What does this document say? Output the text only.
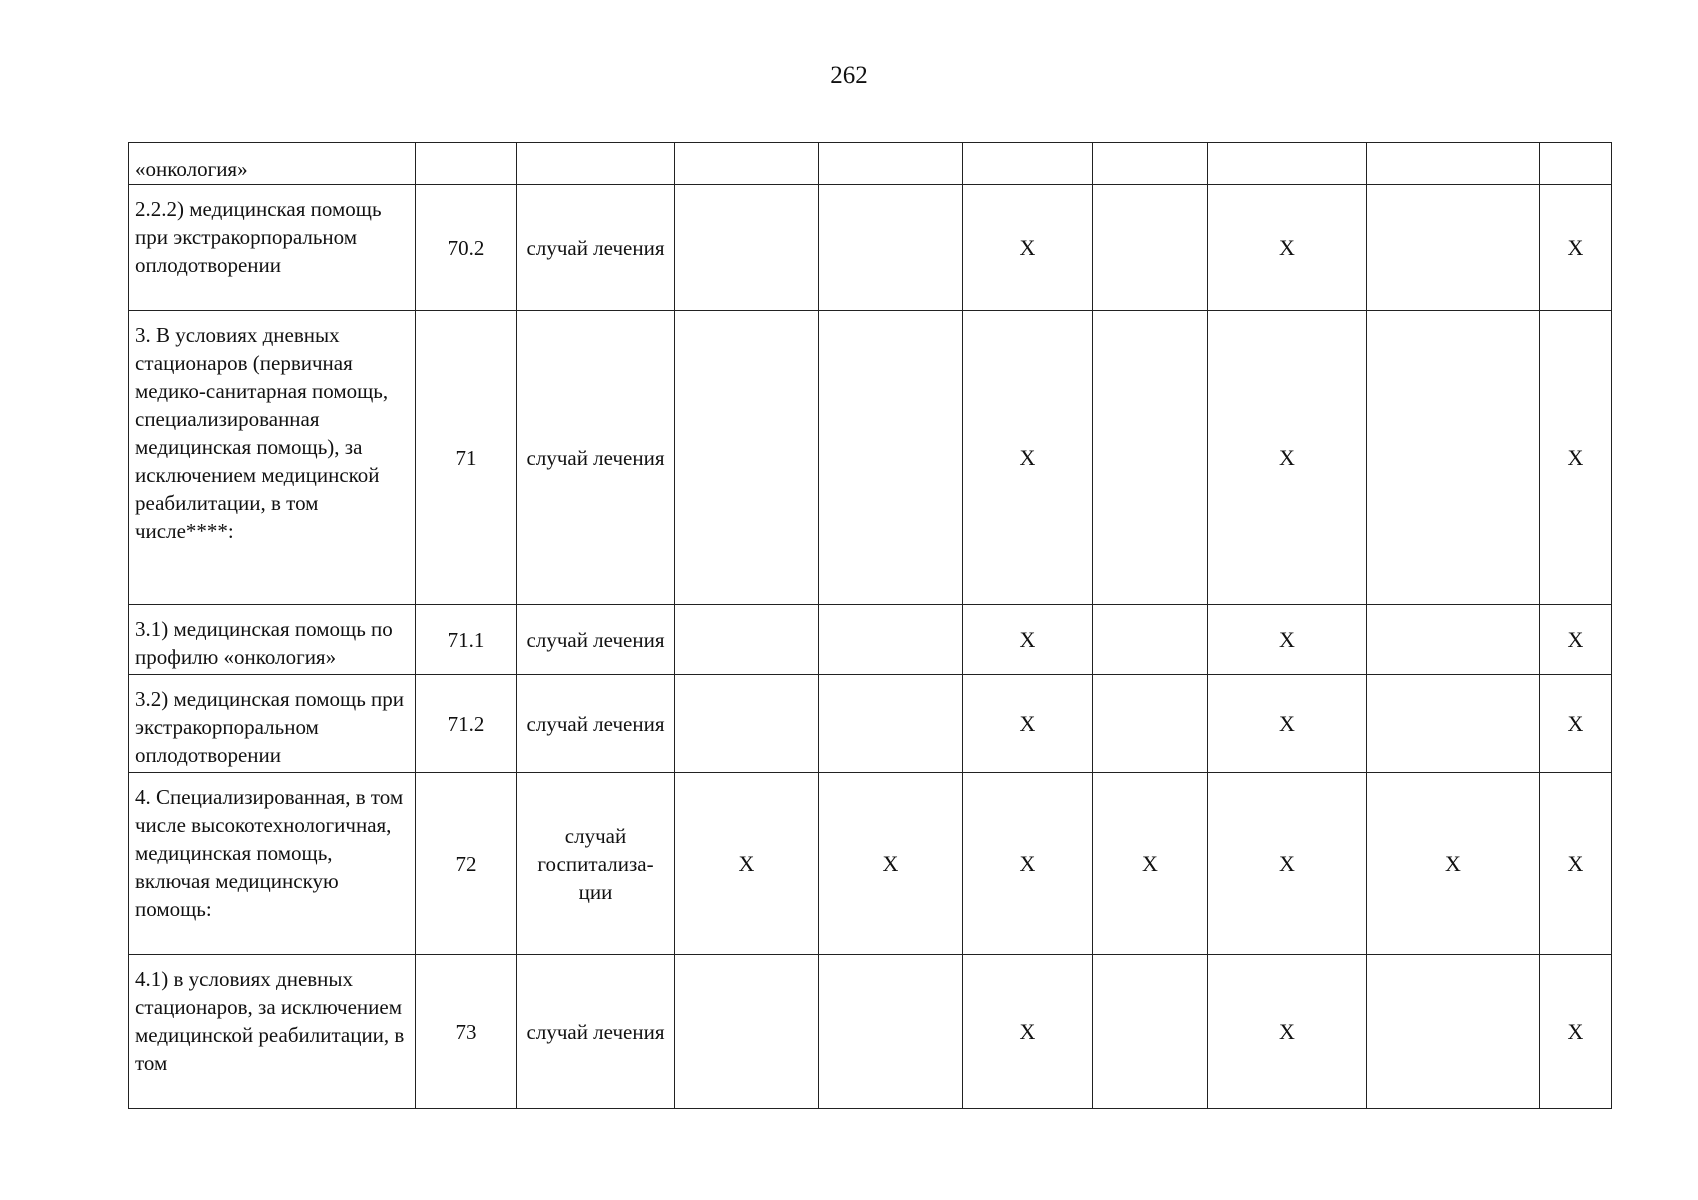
262
«онкология»									
2.2.2) медицинская помощь при экстракорпоральном оплодотворении	70.2	случай лечения			X		X		X
3. В условиях дневных стационаров (первичная медико-санитарная помощь, специализированная медицинская помощь), за исключением медицинской реабилитации, в том числе****:	71	случай лечения			X		X		X
3.1) медицинская помощь по профилю «онкология»	71.1	случай лечения			X		X		X
3.2) медицинская помощь при экстракорпоральном оплодотворении	71.2	случай лечения			X		X		X
4. Специализированная, в том числе высокотехнологичная, медицинская помощь, включая медицинскую помощь:	72	случай госпитализа-ции	X	X	X	X	X	X	X
4.1) в условиях дневных стационаров, за исключением медицинской реабилитации, в том	73	случай лечения			X		X		X
